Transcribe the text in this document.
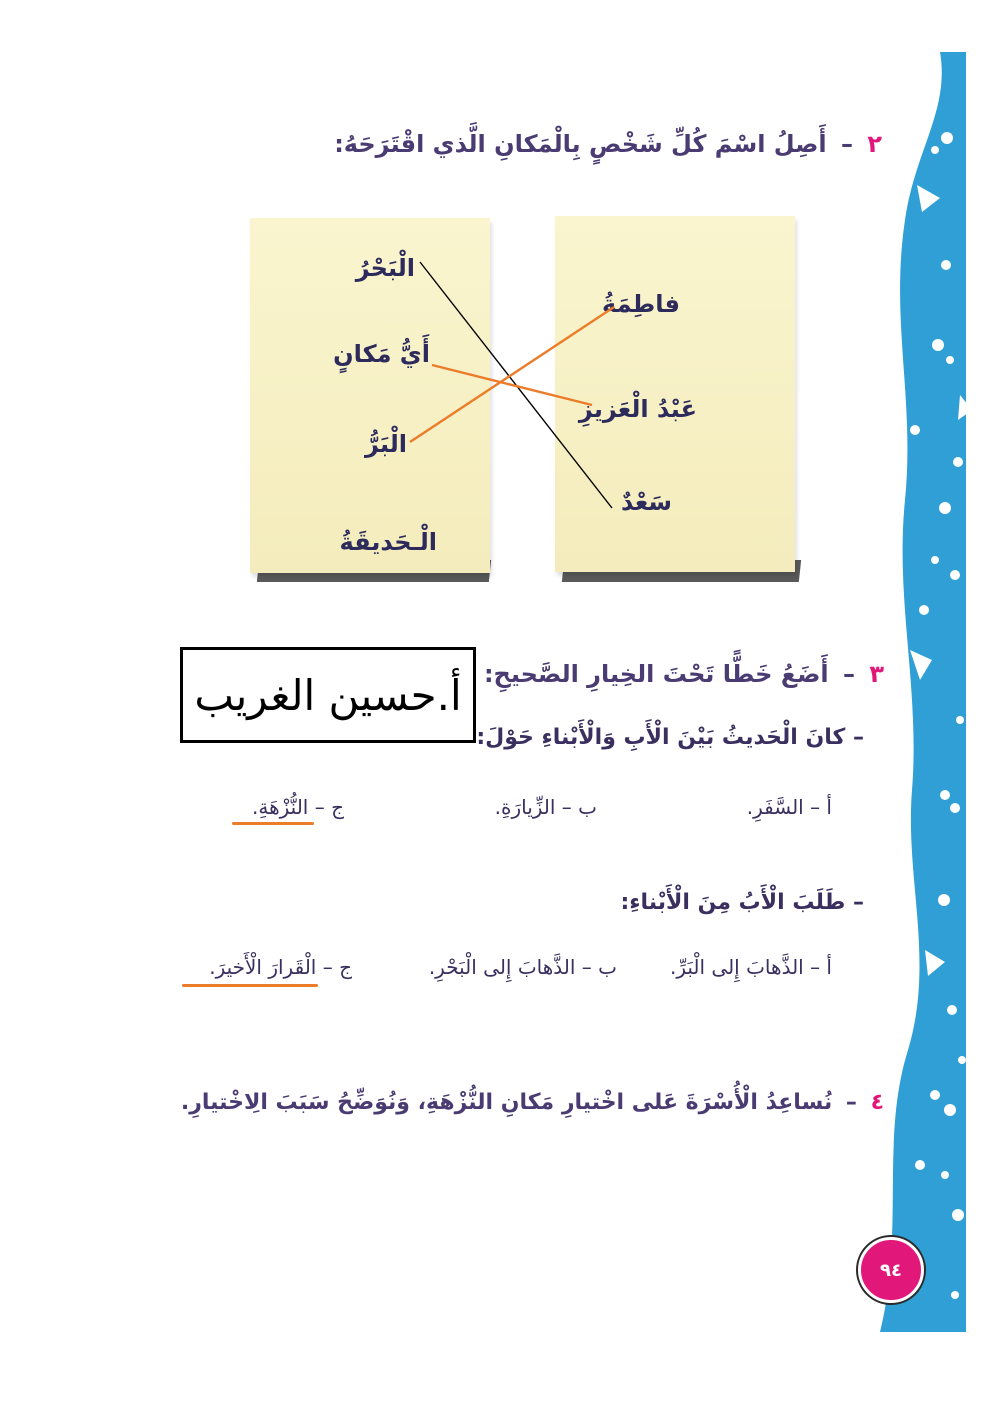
٢ – أَصِلُ اسْمَ كُلِّ شَخْصٍ بِالْمَكانِ الَّذي اقْتَرَحَهُ:
الْبَحْرُ
أَيُّ مَكانٍ
الْبَرُّ
الْـحَديقَةُ
فاطِمَةُ
عَبْدُ الْعَزيزِ
سَعْدٌ
أ.حسين الغريب	٣ – أَضَعُ خَطًّا تَحْتَ الخِيارِ الصَّحيحِ:
– كانَ الْحَديثُ بَيْنَ الْأَبِ وَالْأَبْناءِ حَوْلَ:
أ – السَّفَرِ.
ب – الزِّيارَةِ.
ج – النُّزْهَةِ.
– طَلَبَ الْأَبُ مِنَ الْأَبْناءِ:
أ – الذَّهابَ إِلى الْبَرِّ.
ب – الذَّهابَ إِلى الْبَحْرِ.
ج – الْقَرارَ الْأَخيرَ.
٤ – نُساعِدُ الْأُسْرَةَ عَلى اخْتيارِ مَكانِ النُّزْهَةِ، وَنُوَضِّحُ سَبَبَ الِاخْتيارِ.
٩٤
